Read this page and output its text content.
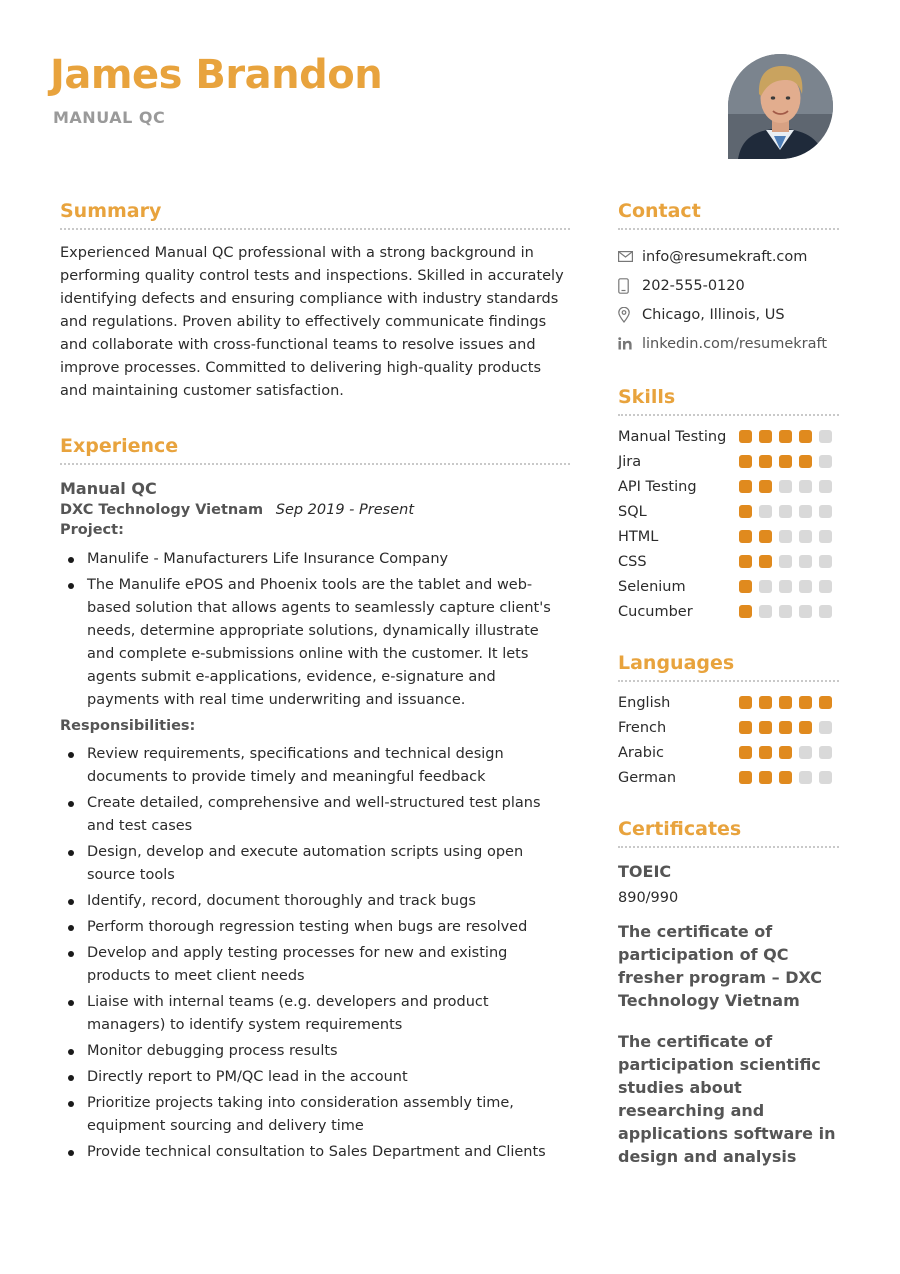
James Brandon
MANUAL QC
Summary

Experienced Manual QC professional with a strong background in performing quality control tests and inspections. Skilled in accurately identifying defects and ensuring compliance with industry standards and regulations. Proven ability to effectively communicate findings and collaborate with cross-functional teams to resolve issues and improve processes. Committed to delivering high-quality products and maintaining customer satisfaction.

Experience
Manual QC
DXC Technology Vietnam Sep 2019 - Present
Project:
Manulife - Manufacturers Life Insurance Company
The Manulife ePOS and Phoenix tools are the tablet and web-based solution that allows agents to seamlessly capture client's needs, determine appropriate solutions, dynamically illustrate and complete e-submissions online with the customer. It lets agents submit e-applications, evidence, e-signature and payments with real time underwriting and issuance.
Responsibilities:
Review requirements, specifications and technical design documents to provide timely and meaningful feedback
Create detailed, comprehensive and well-structured test plans and test cases
Design, develop and execute automation scripts using open source tools
Identify, record, document thoroughly and track bugs
Perform thorough regression testing when bugs are resolved
Develop and apply testing processes for new and existing products to meet client needs
Liaise with internal teams (e.g. developers and product managers) to identify system requirements
Monitor debugging process results
Directly report to PM/QC lead in the account
Prioritize projects taking into consideration assembly time, equipment sourcing and delivery time
Provide technical consultation to Sales Department and Clients
Contact
info@resumekraft.com
202-555-0120
Chicago, Illinois, US
linkedin.com/resumekraft
Skills
Manual Testing
Jira
API Testing
SQL
HTML
CSS
Selenium
Cucumber
Languages
English
French
Arabic
German
Certificates
TOEIC
890/990
The certificate of participation of QC fresher program – DXC Technology Vietnam
The certificate of participation scientific studies about researching and applications software in design and analysis
